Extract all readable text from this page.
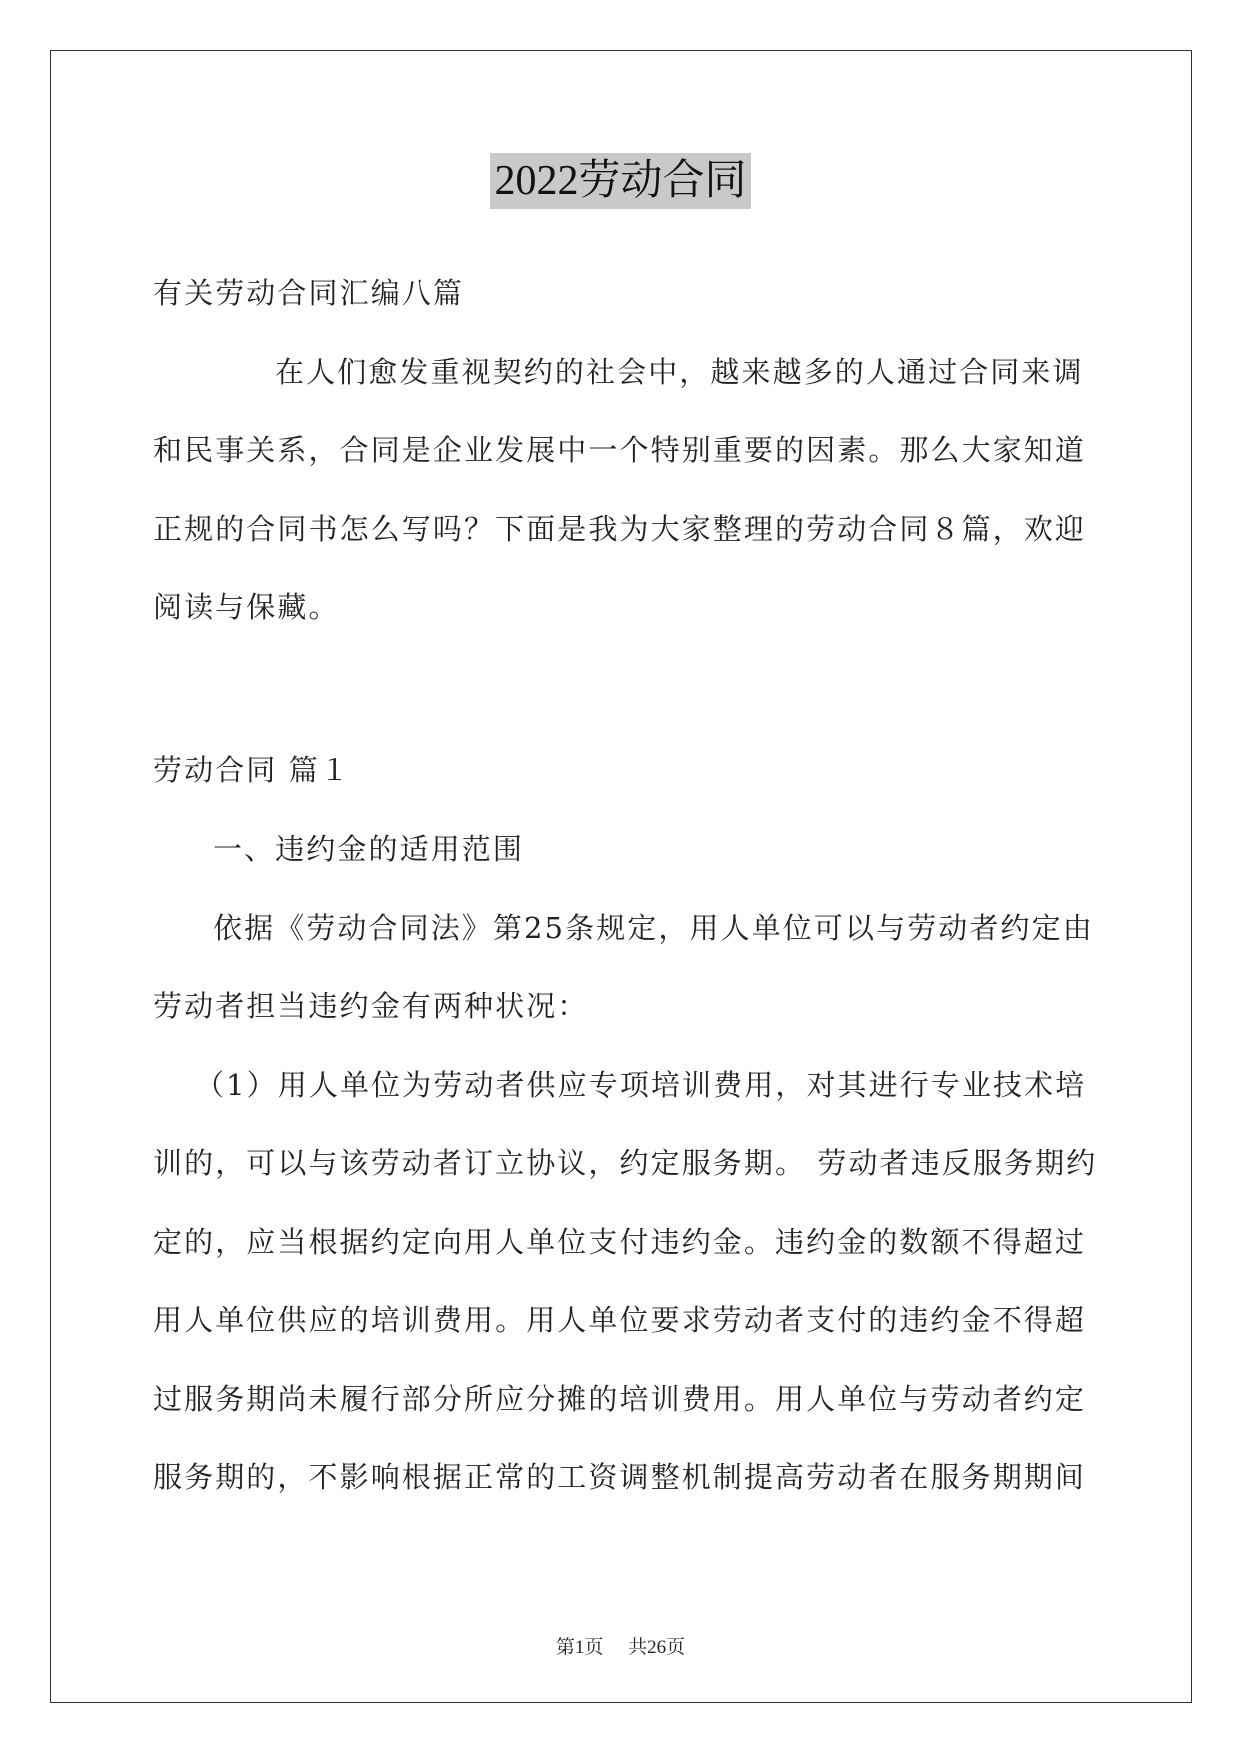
2022劳动合同
有关劳动合同汇编八篇
在人们愈发重视契约的社会中，越来越多的人通过合同来调
和民事关系，合同是企业发展中一个特别重要的因素。那么大家知道
正规的合同书怎么写吗？下面是我为大家整理的劳动合同８篇，欢迎
阅读与保藏。
劳动合同 篇１
一、违约金的适用范围
依据《劳动合同法》第25条规定，用人单位可以与劳动者约定由
劳动者担当违约金有两种状况：
（1）用人单位为劳动者供应专项培训费用，对其进行专业技术培
训的，可以与该劳动者订立协议，约定服务期。 劳动者违反服务期约
定的，应当根据约定向用人单位支付违约金。违约金的数额不得超过
用人单位供应的培训费用。用人单位要求劳动者支付的违约金不得超
过服务期尚未履行部分所应分摊的培训费用。用人单位与劳动者约定
服务期的，不影响根据正常的工资调整机制提高劳动者在服务期期间
第1页 共26页
